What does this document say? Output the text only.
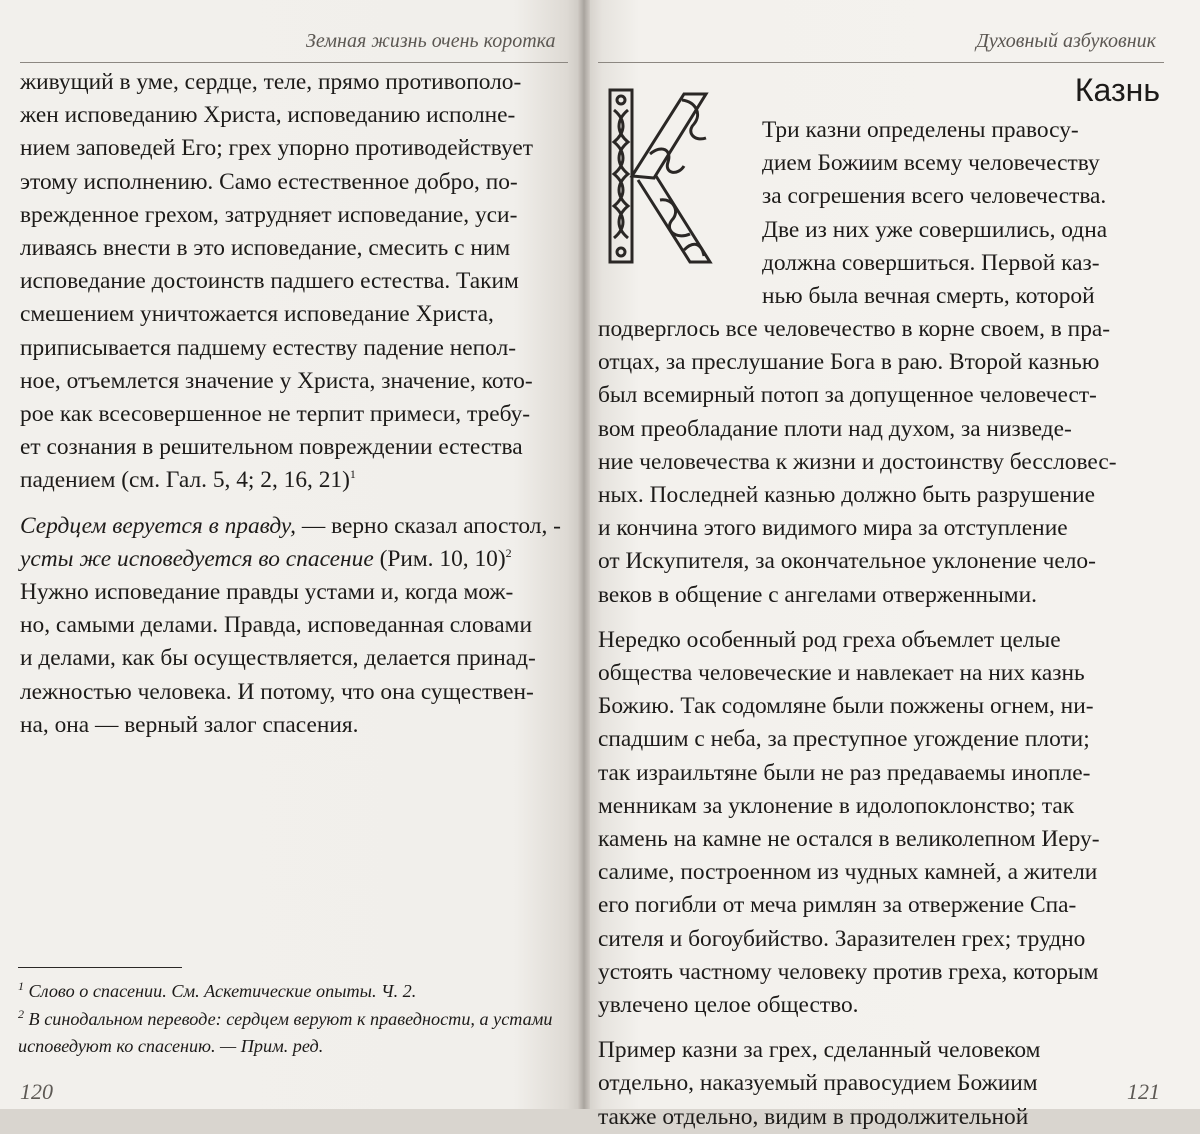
Земная жизнь очень коротка

живущий в уме, сердце, теле, прямо противополо-

жен исповеданию Христа, исповеданию исполне-

нием заповедей Его; грех упорно противодействует

этому исполнению. Само естественное добро, по-

врежденное грехом, затрудняет исповедание, уси-

ливаясь внести в это исповедание, смесить с ним

исповедание достоинств падшего естества. Таким

смешением уничтожается исповедание Христа,

приписывается падшему естеству падение непол-

ное, отъемлется значение у Христа, значение, кото-

рое как всесовершенное не терпит примеси, требу-

ет сознания в решительном повреждении естества

падением (см. Гал. 5, 4; 2, 16, 21)$^1$

Сердцем веруется в правду, — верно сказал апостол, -

усты же исповедуется во спасение (Рим. 10, 10)$^2$

Нужно исповедание правды устами и, когда мож-

но, самыми делами. Правда, исповеданная словами

и делами, как бы осуществляется, делается принад-

лежностью человека. И потому, что она существен-

на, она — верный залог спасения.

$^1$ Слово о спасении. См. Аскетические опыты. Ч. 2.

$^2$ В синодальном переводе: сердцем веруют к праведности, а устами

исповедуют ко спасению. — Прим. ред.

120
Духовный азбуковник
Казнь

Три казни определены правосу-

дием Божиим всему человечеству

за согрешения всего человечества.

Две из них уже совершились, одна

должна совершиться. Первой каз-

нью была вечная смерть, которой

подверглось все человечество в корне своем, в пра-

отцах, за преслушание Бога в раю. Второй казнью

был всемирный потоп за допущенное человечест-

вом преобладание плоти над духом, за низведе-

ние человечества к жизни и достоинству бессловес-

ных. Последней казнью должно быть разрушение

и кончина этого видимого мира за отступление

от Искупителя, за окончательное уклонение чело-

веков в общение с ангелами отверженными.

Нередко особенный род греха объемлет целые

общества человеческие и навлекает на них казнь

Божию. Так содомляне были пожжены огнем, ни-

спадшим с неба, за преступное угождение плоти;

так израильтяне были не раз предаваемы инопле-

менникам за уклонение в идолопоклонство; так

камень на камне не остался в великолепном Иеру-

салиме, построенном из чудных камней, а жители

его погибли от меча римлян за отвержение Спа-

сителя и богоубийство. Заразителен грех; трудно

устоять частному человеку против греха, которым

увлечено целое общество.

Пример казни за грех, сделанный человеком

отдельно, наказуемый правосудием Божиим

также отдельно, видим в продолжительной

121
